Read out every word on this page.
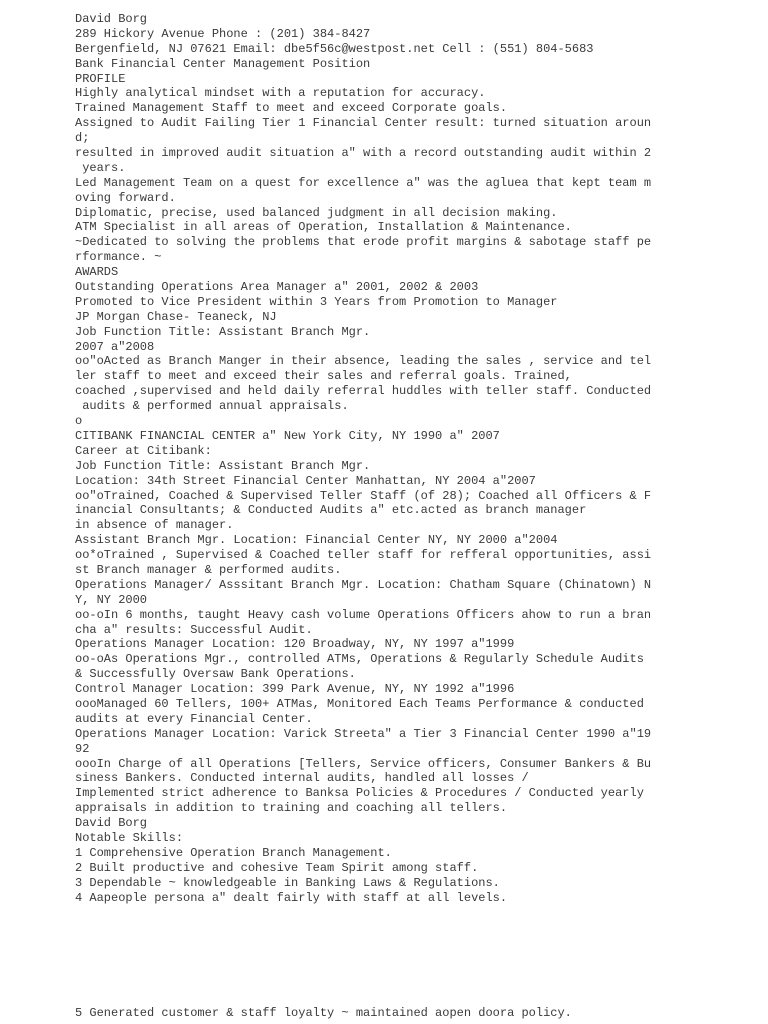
David Borg
289 Hickory Avenue Phone : (201) 384-8427
Bergenfield, NJ 07621 Email: dbe5f56c@westpost.net Cell : (551) 804-5683
Bank Financial Center Management Position
PROFILE
Highly analytical mindset with a reputation for accuracy.
Trained Management Staff to meet and exceed Corporate goals.
Assigned to Audit Failing Tier 1 Financial Center result: turned situation aroun
d;
resulted in improved audit situation a" with a record outstanding audit within 2
years.
Led Management Team on a quest for excellence a" was the agluea that kept team m
oving forward.
Diplomatic, precise, used balanced judgment in all decision making.
ATM Specialist in all areas of Operation, Installation & Maintenance.
~Dedicated to solving the problems that erode profit margins & sabotage staff pe
rformance. ~
AWARDS
Outstanding Operations Area Manager a" 2001, 2002 & 2003
Promoted to Vice President within 3 Years from Promotion to Manager
JP Morgan Chase- Teaneck, NJ
Job Function Title: Assistant Branch Mgr.
2007 a"2008
oo"oActed as Branch Manger in their absence, leading the sales , service and tel
ler staff to meet and exceed their sales and referral goals. Trained,
coached ,supervised and held daily referral huddles with teller staff. Conducted
audits & performed annual appraisals.
o
CITIBANK FINANCIAL CENTER a" New York City, NY 1990 a" 2007
Career at Citibank:
Job Function Title: Assistant Branch Mgr.
Location: 34th Street Financial Center Manhattan, NY 2004 a"2007
oo"oTrained, Coached & Supervised Teller Staff (of 28); Coached all Officers & F
inancial Consultants; & Conducted Audits a" etc.acted as branch manager
in absence of manager.
Assistant Branch Mgr. Location: Financial Center NY, NY 2000 a"2004
oo*oTrained , Supervised & Coached teller staff for refferal opportunities, assi
st Branch manager & performed audits.
Operations Manager/ Asssitant Branch Mgr. Location: Chatham Square (Chinatown) N
Y, NY 2000
oo-oIn 6 months, taught Heavy cash volume Operations Officers ahow to run a bran
cha a" results: Successful Audit.
Operations Manager Location: 120 Broadway, NY, NY 1997 a"1999
oo-oAs Operations Mgr., controlled ATMs, Operations & Regularly Schedule Audits
& Successfully Oversaw Bank Operations.
Control Manager Location: 399 Park Avenue, NY, NY 1992 a"1996
oooManaged 60 Tellers, 100+ ATMas, Monitored Each Teams Performance & conducted
audits at every Financial Center.
Operations Manager Location: Varick Streeta" a Tier 3 Financial Center 1990 a"19
92
oooIn Charge of all Operations [Tellers, Service officers, Consumer Bankers & Bu
siness Bankers. Conducted internal audits, handled all losses /
Implemented strict adherence to Banksa Policies & Procedures / Conducted yearly
appraisals in addition to training and coaching all tellers.
David Borg
Notable Skills:
1 Comprehensive Operation Branch Management.
2 Built productive and cohesive Team Spirit among staff.
3 Dependable ~ knowledgeable in Banking Laws & Regulations.
4 Aapeople persona a" dealt fairly with staff at all levels.
5 Generated customer & staff loyalty ~ maintained aopen doora policy.
